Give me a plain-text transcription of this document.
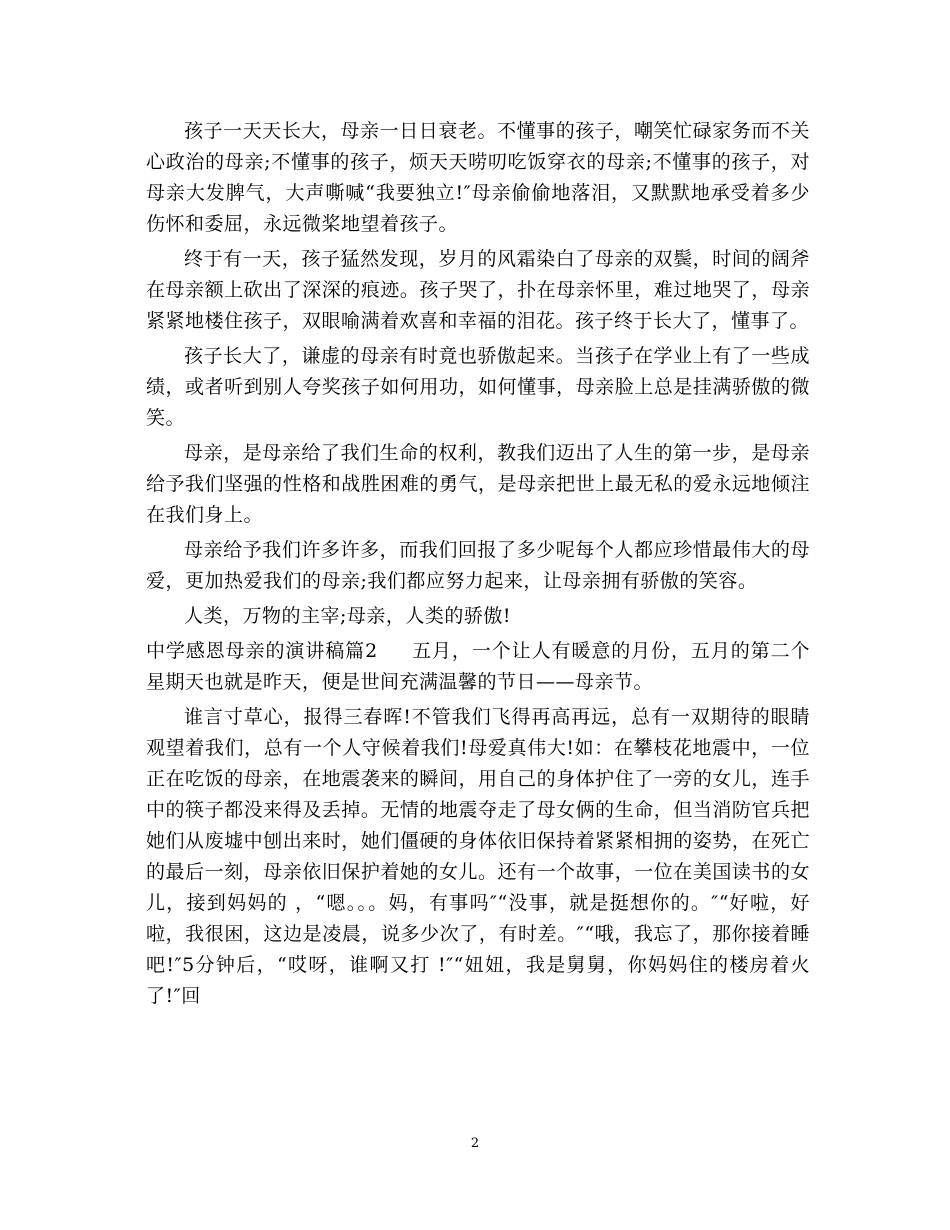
孩子一天天长大，母亲一日日衰老。不懂事的孩子，嘲笑忙碌家务而不关心政治的母亲;不懂事的孩子，烦天天唠叨吃饭穿衣的母亲;不懂事的孩子，对母亲大发脾气，大声嘶喊“我要独立!″母亲偷偷地落泪，又默默地承受着多少伤怀和委屈，永远微桨地望着孩子。

终于有一天，孩子猛然发现，岁月的风霜染白了母亲的双鬓，时间的阔斧在母亲额上砍出了深深的痕迹。孩子哭了，扑在母亲怀里，难过地哭了，母亲紧紧地楼住孩子，双眼喻满着欢喜和幸福的泪花。孩子终于长大了，懂事了。

孩子长大了，谦虚的母亲有时竟也骄傲起来。当孩子在学业上有了一些成绩，或者听到别人夸奖孩子如何用功，如何懂事，母亲脸上总是挂满骄傲的微笑。

母亲，是母亲给了我们生命的权利，教我们迈出了人生的第一步，是母亲给予我们坚强的性格和战胜困难的勇气，是母亲把世上最无私的爱永远地倾注在我们身上。

母亲给予我们许多许多，而我们回报了多少呢每个人都应珍惜最伟大的母爱，更加热爱我们的母亲;我们都应努力起来，让母亲拥有骄傲的笑容。

人类，万物的主宰;母亲，人类的骄傲!

中学感恩母亲的演讲稿篇2 五月，一个让人有暖意的月份，五月的第二个星期天也就是昨天，便是世间充满温馨的节日——母亲节。

谁言寸草心，报得三春晖!不管我们飞得再高再远，总有一双期待的眼睛观望着我们，总有一个人守候着我们!母爱真伟大!如：在攀枝花地震中，一位正在吃饭的母亲，在地震袭来的瞬间，用自己的身体护住了一旁的女儿，连手中的筷子都没来得及丢掉。无情的地震夺走了母女俩的生命，但当消防官兵把她们从废墟中刨出来时，她们僵硬的身体依旧保持着紧紧相拥的姿势，在死亡的最后一刻，母亲依旧保护着她的女儿。还有一个故事，一位在美国读书的女儿，接到妈妈的 ，“嗯。。。妈，有事吗″“没事，就是挺想你的。″“好啦，好啦，我很困，这边是凌晨，说多少次了，有时差。″“哦，我忘了，那你接着睡吧!″5分钟后，“哎呀，谁啊又打 !″“妞妞，我是舅舅，你妈妈住的楼房着火了!″回

2
